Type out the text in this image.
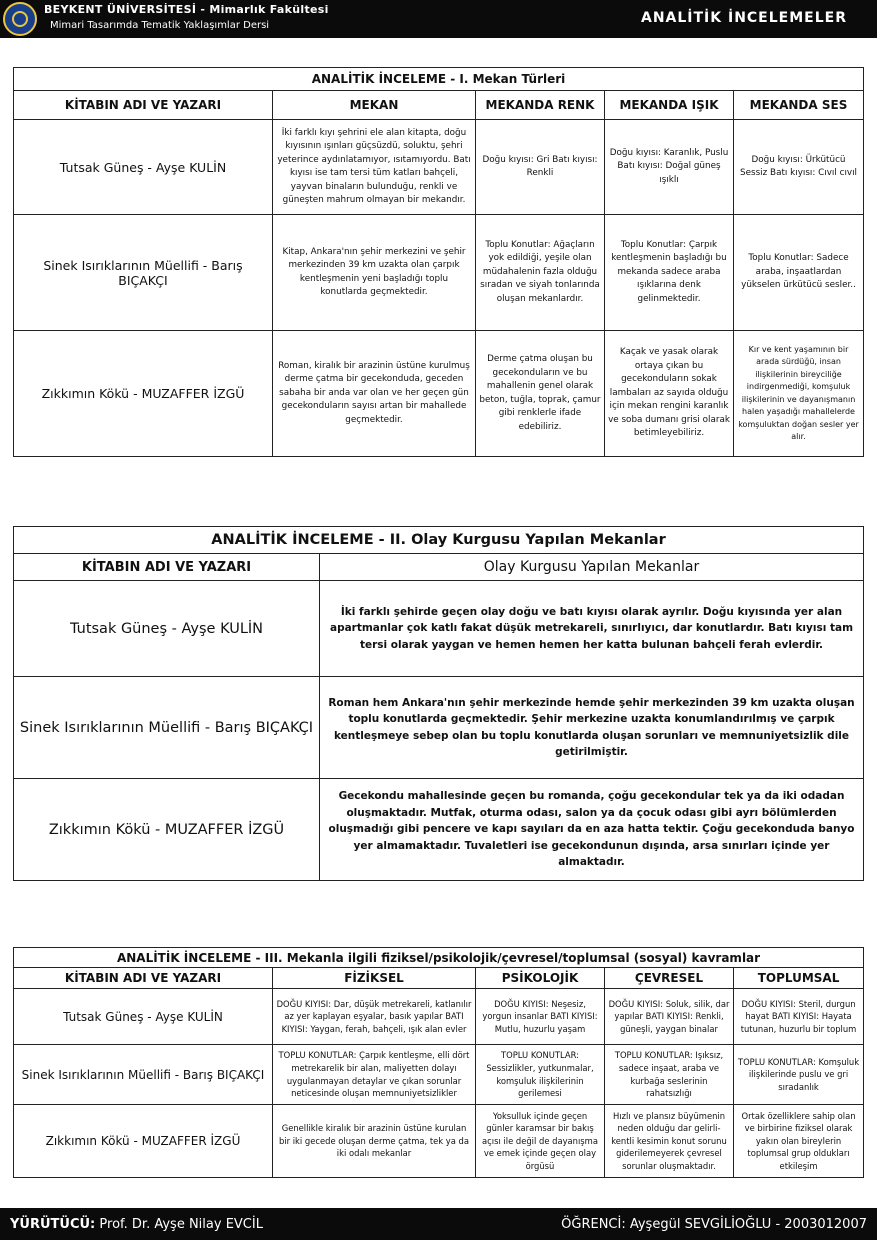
BEYKENT ÜNİVERSİTESİ - Mimarlık Fakültesi
Mimari Tasarımda Tematik Yaklaşımlar Dersi	ANALİTİK İNCELEMELER
ANALİTİK İNCELEME - I. Mekan Türleri				
KİTABIN ADI VE YAZARI	MEKAN	MEKANDA RENK	MEKANDA IŞIK	MEKANDA SES
Tutsak Güneş - Ayşe KULİN	İki farklı kıyı şehrini ele alan kitapta, doğu kıyısının ışınları güçsüzdü, soluktu, şehri yeterince aydınlatamıyor, ısıtamıyordu. Batı kıyısı ise tam tersi tüm katları bahçeli, yayvan binaların bulunduğu, renkli ve güneşten mahrum olmayan bir mekandır.	Doğu kıyısı: Gri Batı kıyısı: Renkli	Doğu kıyısı: Karanlık, Puslu Batı kıyısı: Doğal güneş ışıklı	Doğu kıyısı: Ürkütücü Sessiz Batı kıyısı: Cıvıl cıvıl
Sinek Isırıklarının Müellifi - Barış BIÇAKÇI	Kitap, Ankara'nın şehir merkezini ve şehir merkezinden 39 km uzakta olan çarpık kentleşmenin yeni başladığı toplu konutlarda geçmektedir.	Toplu Konutlar: Ağaçların yok edildiği, yeşile olan müdahalenin fazla olduğu sıradan ve siyah tonlarında oluşan mekanlardır.	Toplu Konutlar: Çarpık kentleşmenin başladığı bu mekanda sadece araba ışıklarına denk gelinmektedir.	Toplu Konutlar: Sadece araba, inşaatlardan yükselen ürkütücü sesler..
Zıkkımın Kökü - MUZAFFER İZGÜ	Roman, kiralık bir arazinin üstüne kurulmuş derme çatma bir gecekonduda, geceden sabaha bir anda var olan ve her geçen gün gecekonduların sayısı artan bir mahallede geçmektedir.	Derme çatma oluşan bu gecekonduların ve bu mahallenin genel olarak beton, tuğla, toprak, çamur gibi renklerle ifade edebiliriz.	Kaçak ve yasak olarak ortaya çıkan bu gecekonduların sokak lambaları az sayıda olduğu için mekan rengini karanlık ve soba dumanı grisi olarak betimleyebiliriz.	Kır ve kent yaşamının bir arada sürdüğü, insan ilişkilerinin bireyciliğe indirgenmediği, komşuluk ilişkilerinin ve dayanışmanın halen yaşadığı mahallelerde komşuluktan doğan sesler yer alır.
ANALİTİK İNCELEME - II. Olay Kurgusu Yapılan Mekanlar	
KİTABIN ADI VE YAZARI	Olay Kurgusu Yapılan Mekanlar
Tutsak Güneş - Ayşe KULİN	İki farklı şehirde geçen olay doğu ve batı kıyısı olarak ayrılır. Doğu kıyısında yer alan apartmanlar çok katlı fakat düşük metrekareli, sınırlıyıcı, dar konutlardır. Batı kıyısı tam tersi olarak yaygan ve hemen hemen her katta bulunan bahçeli ferah evlerdir.
Sinek Isırıklarının Müellifi - Barış BIÇAKÇI	Roman hem Ankara'nın şehir merkezinde hemde şehir merkezinden 39 km uzakta oluşan toplu konutlarda geçmektedir. Şehir merkezine uzakta konumlandırılmış ve çarpık kentleşmeye sebep olan bu toplu konutlarda oluşan sorunları ve memnuniyetsizlik dile getirilmiştir.
Zıkkımın Kökü - MUZAFFER İZGÜ	Gecekondu mahallesinde geçen bu romanda, çoğu gecekondular tek ya da iki odadan oluşmaktadır. Mutfak, oturma odası, salon ya da çocuk odası gibi ayrı bölümlerden oluşmadığı gibi pencere ve kapı sayıları da en aza hatta tektir. Çoğu gecekonduda banyo yer almamaktadır. Tuvaletleri ise gecekondunun dışında, arsa sınırları içinde yer almaktadır.
ANALİTİK İNCELEME - III. Mekanla ilgili fiziksel/psikolojik/çevresel/toplumsal (sosyal) kavramlar				
KİTABIN ADI VE YAZARI	FİZİKSEL	PSİKOLOJİK	ÇEVRESEL	TOPLUMSAL
Tutsak Güneş - Ayşe KULİN	DOĞU KIYISI: Dar, düşük metrekareli, katlanılır az yer kaplayan eşyalar, basık yapılar BATI KIYISI: Yaygan, ferah, bahçeli, ışık alan evler	DOĞU KIYISI: Neşesiz, yorgun insanlar BATI KIYISI: Mutlu, huzurlu yaşam	DOĞU KIYISI: Soluk, silik, dar yapılar BATI KIYISI: Renkli, güneşli, yaygan binalar	DOĞU KIYISI: Steril, durgun hayat BATI KIYISI: Hayata tutunan, huzurlu bir toplum
Sinek Isırıklarının Müellifi - Barış BIÇAKÇI	TOPLU KONUTLAR: Çarpık kentleşme, elli dört metrekarelik bir alan, maliyetten dolayı uygulanmayan detaylar ve çıkan sorunlar neticesinde oluşan memnuniyetsizlikler	TOPLU KONUTLAR: Sessizlikler, yutkunmalar, komşuluk ilişkilerinin gerilemesi	TOPLU KONUTLAR: Işıksız, sadece inşaat, araba ve kurbağa seslerinin rahatsızlığı	TOPLU KONUTLAR: Komşuluk ilişkilerinde puslu ve gri sıradanlık
Zıkkımın Kökü - MUZAFFER İZGÜ	Genellikle kiralık bir arazinin üstüne kurulan bir iki gecede oluşan derme çatma, tek ya da iki odalı mekanlar	Yoksulluk içinde geçen günler karamsar bir bakış açısı ile değil de dayanışma ve emek içinde geçen olay örgüsü	Hızlı ve plansız büyümenin neden olduğu dar gelirli-kentli kesimin konut sorunu giderilemeyerek çevresel sorunlar oluşmaktadır.	Ortak özelliklere sahip olan ve birbirine fiziksel olarak yakın olan bireylerin toplumsal grup oldukları etkileşim
YÜRÜTÜCÜ: Prof. Dr. Ayşe Nilay EVCİL	ÖĞRENCİ: Ayşegül SEVGİLİOĞLU - 2003012007
